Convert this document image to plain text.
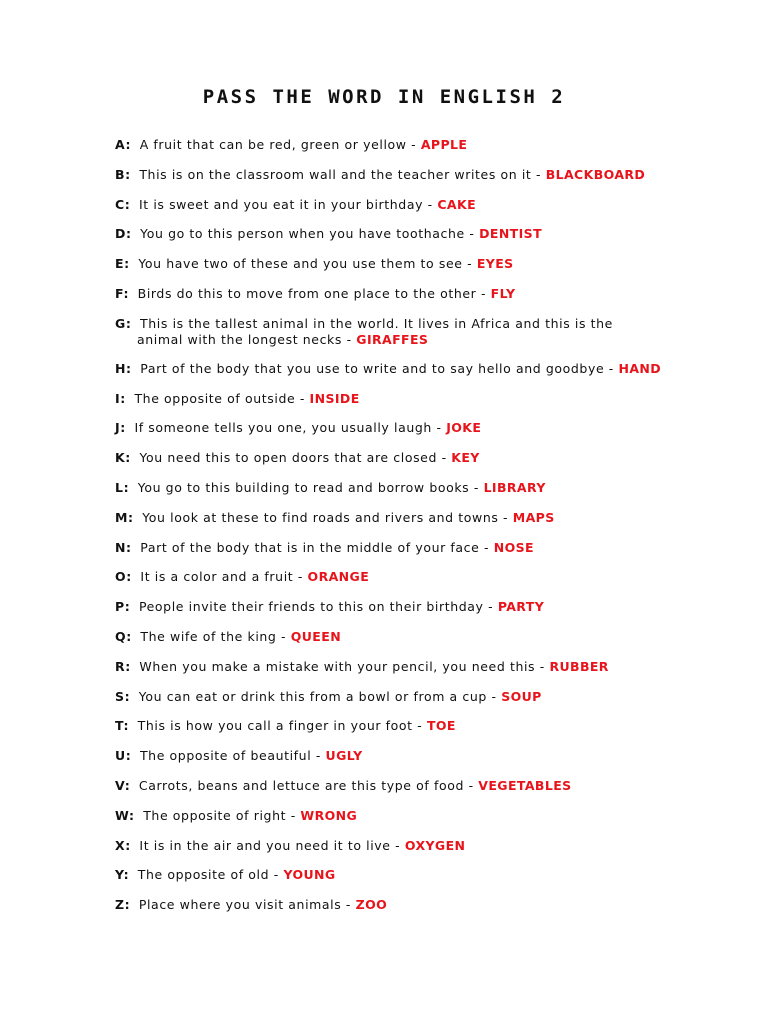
PASS THE WORD IN ENGLISH 2
A: A fruit that can be red, green or yellow - APPLE
B: This is on the classroom wall and the teacher writes on it - BLACKBOARD
C: It is sweet and you eat it in your birthday - CAKE
D: You go to this person when you have toothache - DENTIST
E: You have two of these and you use them to see - EYES
F: Birds do this to move from one place to the other - FLY
G: This is the tallest animal in the world. It lives in Africa and this is the
animal with the longest necks - GIRAFFES
H: Part of the body that you use to write and to say hello and goodbye - HAND
I: The opposite of outside - INSIDE
J: If someone tells you one, you usually laugh - JOKE
K: You need this to open doors that are closed - KEY
L: You go to this building to read and borrow books - LIBRARY
M: You look at these to find roads and rivers and towns - MAPS
N: Part of the body that is in the middle of your face - NOSE
O: It is a color and a fruit - ORANGE
P: People invite their friends to this on their birthday - PARTY
Q: The wife of the king - QUEEN
R: When you make a mistake with your pencil, you need this - RUBBER
S: You can eat or drink this from a bowl or from a cup - SOUP
T: This is how you call a finger in your foot - TOE
U: The opposite of beautiful - UGLY
V: Carrots, beans and lettuce are this type of food - VEGETABLES
W: The opposite of right - WRONG
X: It is in the air and you need it to live - OXYGEN
Y: The opposite of old - YOUNG
Z: Place where you visit animals - ZOO
